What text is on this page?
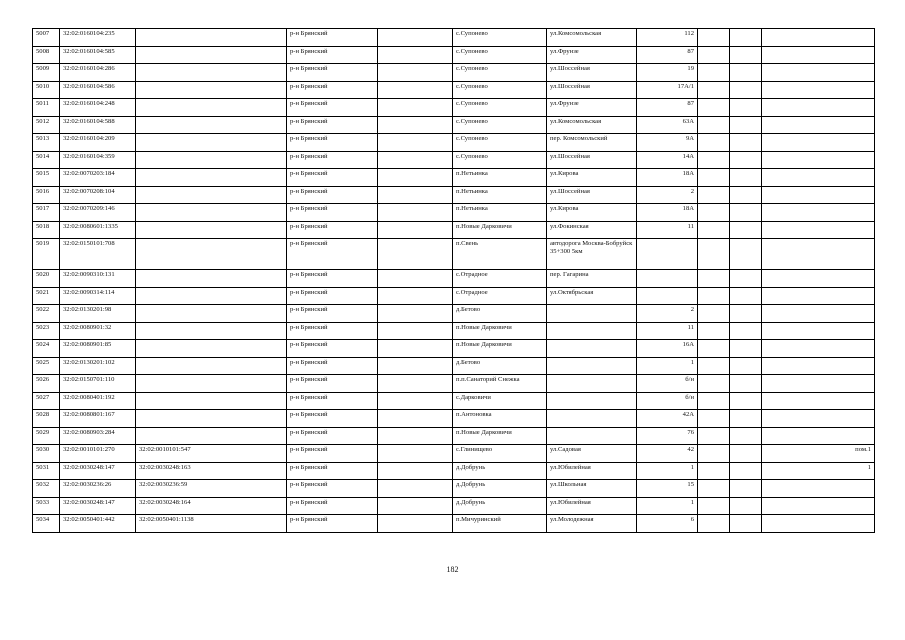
5007	32:02:0160104:235		р-н Брянский		с.Супонево	ул.Комсомольская	112			
5008	32:02:0160104:585		р-н Брянский		с.Супонево	ул.Фрунзе	87			
5009	32:02:0160104:286		р-н Брянский		с.Супонево	ул.Шоссейная	19			
5010	32:02:0160104:586		р-н Брянский		с.Супонево	ул.Шоссейная	17А/1			
5011	32:02:0160104:248		р-н Брянский		с.Супонево	ул.Фрунзе	87			
5012	32:02:0160104:588		р-н Брянский		с.Супонево	ул.Комсомольская	63А			
5013	32:02:0160104:209		р-н Брянский		с.Супонево	пер. Комсомольский	9А			
5014	32:02:0160104:359		р-н Брянский		с.Супонево	ул.Шоссейная	14А			
5015	32:02:0070203:184		р-н Брянский		п.Нетьинка	ул.Кирова	18А			
5016	32:02:0070208:104		р-н Брянский		п.Нетьинка	ул.Шоссейная	2			
5017	32:02:0070209:146		р-н Брянский		п.Нетьинка	ул.Кирова	18А			
5018	32:02:0080601:1335		р-н Брянский		п.Новые Дарковичи	ул.Фокинская	11			
5019	32:02:0150101:708		р-н Брянский		п.Свень	автодорога Москва-Бобруйск 35+300 5км				
5020	32:02:0090310:131		р-н Брянский		с.Отрадное	пер. Гагарина				
5021	32:02:0090314:114		р-н Брянский		с.Отрадное	ул.Октябрьская				
5022	32:02:0130201:98		р-н Брянский		д.Бетово		2			
5023	32:02:0080901:32		р-н Брянский		п.Новые Дарковичи		11			
5024	32:02:0080901:85		р-н Брянский		п.Новые Дарковичи		16А			
5025	32:02:0130201:102		р-н Брянский		д.Бетово		1			
5026	32:02:0150701:110		р-н Брянский		п.п.Санаторий Снежка		б/н			
5027	32:02:0080401:192		р-н Брянский		с.Дарковичи		б/н			
5028	32:02:0080801:167		р-н Брянский		п.Антоновка		42А			
5029	32:02:0080903:284		р-н Брянский		п.Новые Дарковичи		76			
5030	32:02:0010101:270	32:02:0010101:547	р-н Брянский		с.Глинищево	ул.Садовая	42			пом.1
5031	32:02:0030248:147	32:02:0030248:163	р-н Брянский		д.Добрунь	ул.Юбилейная	1			1
5032	32:02:0030236:26	32:02:0030236:59	р-н Брянский		д.Добрунь	ул.Школьная	15			
5033	32:02:0030248:147	32:02:0030248:164	р-н Брянский		д.Добрунь	ул.Юбилейная	1			
5034	32:02:0050401:442	32:02:0050401:1138	р-н Брянский		п.Мичуринский	ул.Молодежная	6			
182
